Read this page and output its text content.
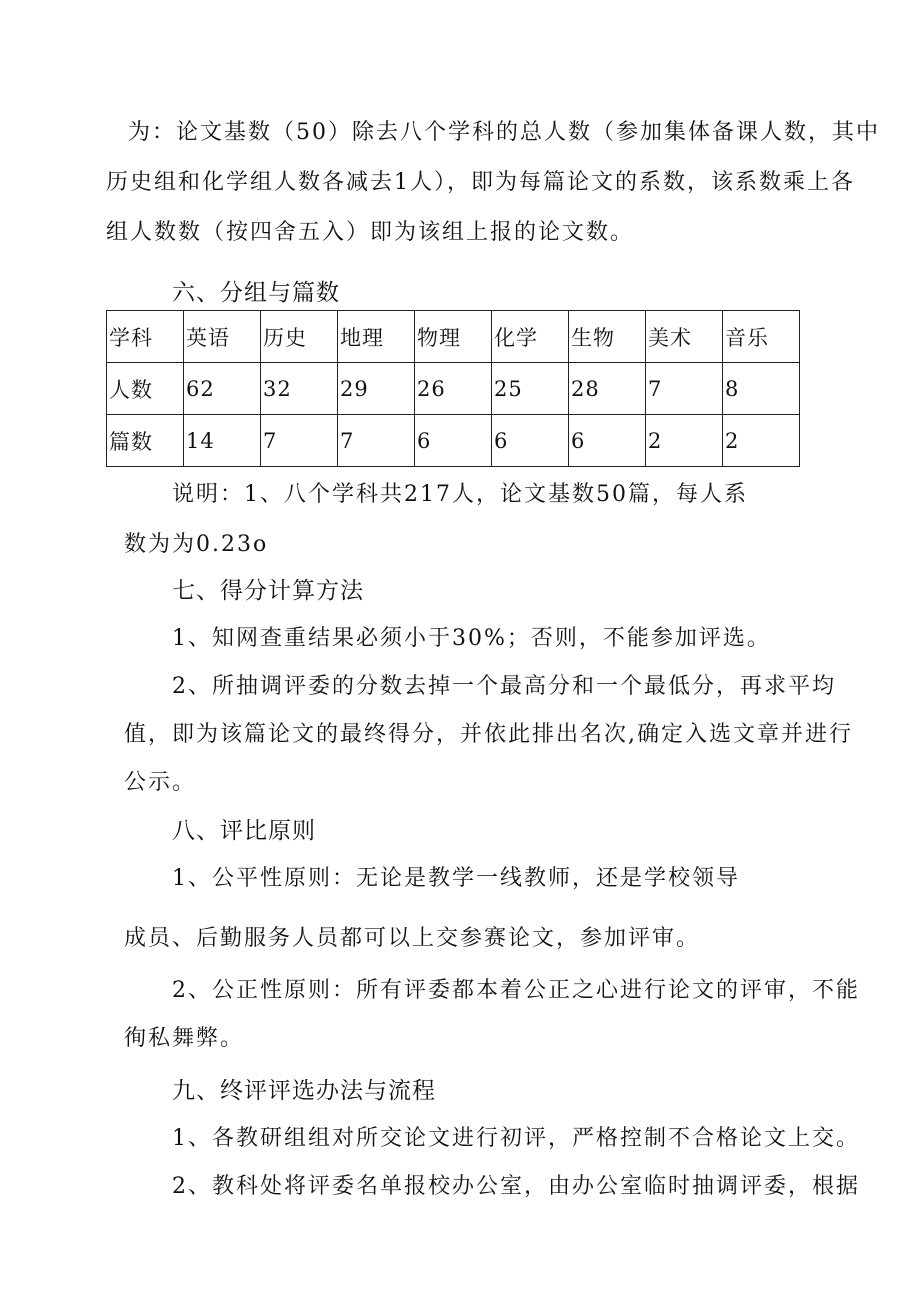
为：论文基数（50）除去八个学科的总人数（参加集体备课人数，其中
历史组和化学组人数各减去1人），即为每篇论文的系数，该系数乘上各
组人数数（按四舍五入）即为该组上报的论文数。
六、分组与篇数
学科	英语	历史	地理	物理	化学	生物	美术	音乐
人数	62	32	29	26	25	28	7	8
篇数	14	7	7	6	6	6	2	2
说明：1、八个学科共217人，论文基数50篇，每人系
数为为0.23o
七、得分计算方法
1、知网查重结果必须小于30%；否则，不能参加评选。
2、所抽调评委的分数去掉一个最高分和一个最低分，再求平均
值，即为该篇论文的最终得分，并依此排出名次,确定入选文章并进行
公示。
八、评比原则
1、公平性原则：无论是教学一线教师，还是学校领导
成员、后勤服务人员都可以上交参赛论文，参加评审。
2、公正性原则：所有评委都本着公正之心进行论文的评审，不能
徇私舞弊。
九、终评评选办法与流程
1、各教研组组对所交论文进行初评，严格控制不合格论文上交。
2、教科处将评委名单报校办公室，由办公室临时抽调评委，根据
